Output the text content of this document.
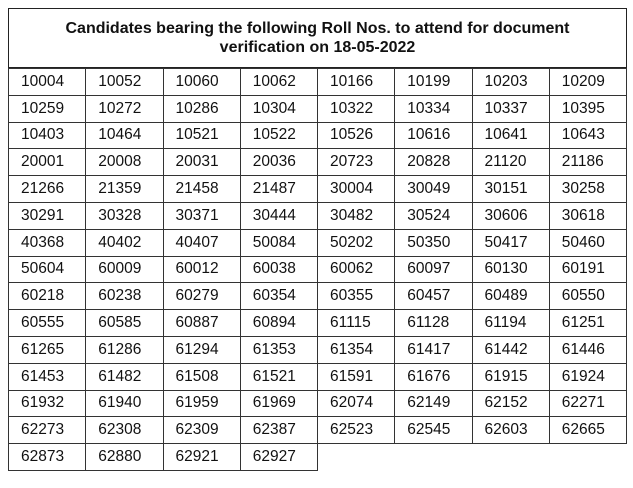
Candidates bearing the following Roll Nos. to attend for document
verification on 18-05-2022
10004	10052	10060	10062	10166	10199	10203	10209
10259	10272	10286	10304	10322	10334	10337	10395
10403	10464	10521	10522	10526	10616	10641	10643
20001	20008	20031	20036	20723	20828	21120	21186
21266	21359	21458	21487	30004	30049	30151	30258
30291	30328	30371	30444	30482	30524	30606	30618
40368	40402	40407	50084	50202	50350	50417	50460
50604	60009	60012	60038	60062	60097	60130	60191
60218	60238	60279	60354	60355	60457	60489	60550
60555	60585	60887	60894	61115	61128	61194	61251
61265	61286	61294	61353	61354	61417	61442	61446
61453	61482	61508	61521	61591	61676	61915	61924
61932	61940	61959	61969	62074	62149	62152	62271
62273	62308	62309	62387	62523	62545	62603	62665
62873	62880	62921	62927				
